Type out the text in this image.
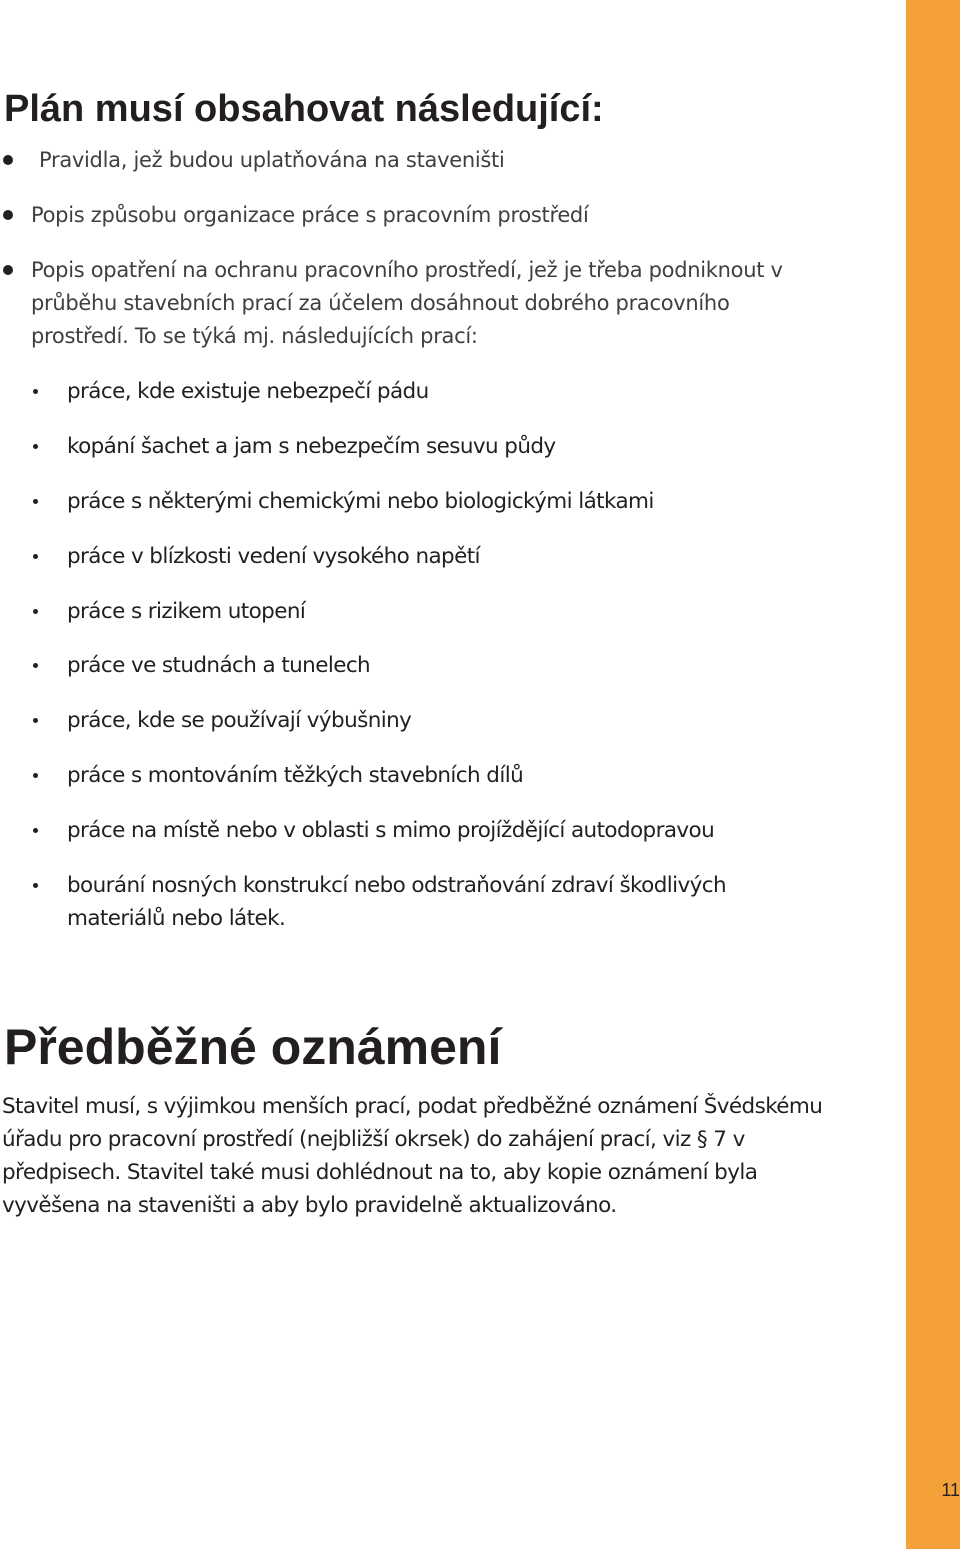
11
Plán musí obsahovat následující:
Pravidla, jež budou uplatňována na staveništi
Popis způsobu organizace práce s pracovním prostředí
Popis opatření na ochranu pracovního prostředí, jež je třeba podniknout v průběhu stavebních prací za účelem dosáhnout dobrého pracovního prostředí. To se týká mj. následujících prací:
práce, kde existuje nebezpečí pádu
kopání šachet a jam s nebezpečím sesuvu půdy
práce s některými chemickými nebo biologickými látkami
práce v blízkosti vedení vysokého napětí
práce s rizikem utopení
práce ve studnách a tunelech
práce, kde se používají výbušniny
práce s montováním těžkých stavebních dílů
práce na místě nebo v oblasti s mimo projíždějící autodopravou
bourání nosných konstrukcí nebo odstraňování zdraví škodlivých materiálů nebo látek.
Předběžné oznámení

Stavitel musí, s výjimkou menších prací, podat předběžné oznámení Švédskému úřadu pro pracovní prostředí (nejbližší okrsek) do zahájení prací, viz § 7 v předpisech. Stavitel také musi dohlédnout na to, aby kopie oznámení byla vyvěšena na staveništi a aby bylo pravidelně aktualizováno.
